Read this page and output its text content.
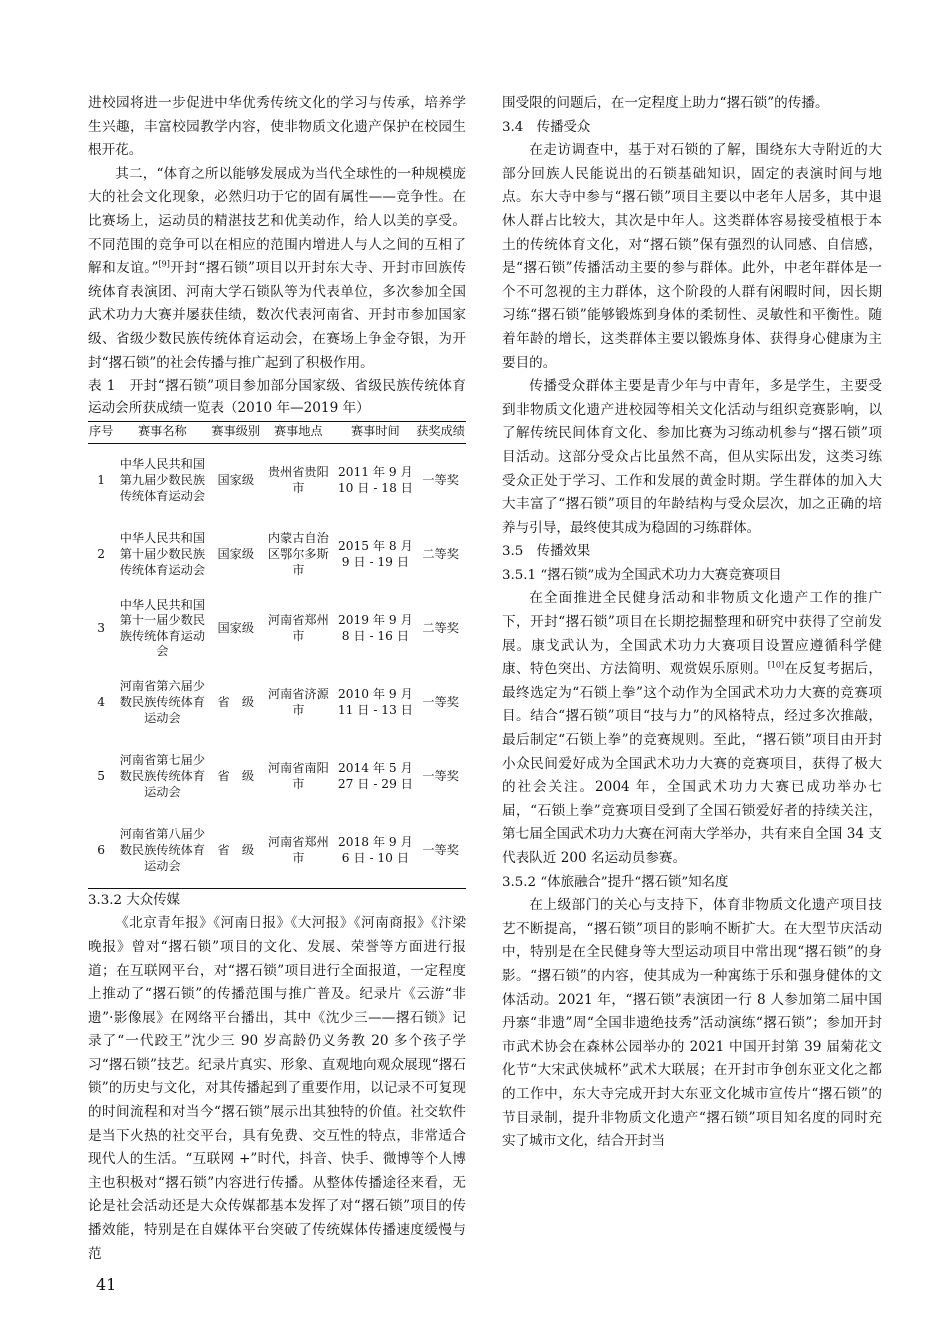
进校园将进一步促进中华优秀传统文化的学习与传承，培养学生兴趣，丰富校园教学内容，使非物质文化遗产保护在校园生根开花。

其二，“体育之所以能够发展成为当代全球性的一种规模庞大的社会文化现象，必然归功于它的固有属性——竞争性。在比赛场上，运动员的精湛技艺和优美动作，给人以美的享受。不同范围的竞争可以在相应的范围内增进人与人之间的互相了解和友谊。”[9]开封“撂石锁”项目以开封东大寺、开封市回族传统体育表演团、河南大学石锁队等为代表单位，多次参加全国武术功力大赛并屡获佳绩，数次代表河南省、开封市参加国家级、省级少数民族传统体育运动会，在赛场上争金夺银，为开封“撂石锁”的社会传播与推广起到了积极作用。

表 1　开封“撂石锁”项目参加部分国家级、省级民族传统体育运动会所获成绩一览表（2010 年—2019 年）

序号	赛事名称	赛事级别	赛事地点	赛事时间	获奖成绩
1	中华人民共和国第九届少数民族传统体育运动会	国家级	贵州省贵阳市	2011 年 9 月 10 日 - 18 日	一等奖
2	中华人民共和国第十届少数民族传统体育运动会	国家级	内蒙古自治区鄂尔多斯市	2015 年 8 月 9 日 - 19 日	二等奖
3	中华人民共和国第十一届少数民族传统体育运动会	国家级	河南省郑州市	2019 年 9 月 8 日 - 16 日	二等奖
4	河南省第六届少数民族传统体育运动会	省　级	河南省济源市	2010 年 9 月 11 日 - 13 日	一等奖
5	河南省第七届少数民族传统体育运动会	省　级	河南省南阳市	2014 年 5 月 27 日 - 29 日	一等奖
6	河南省第八届少数民族传统体育运动会	省　级	河南省郑州市	2018 年 9 月 6 日 - 10 日	一等奖

3.3.2 大众传媒

《北京青年报》《河南日报》《大河报》《河南商报》《汴梁晚报》曾对“撂石锁”项目的文化、发展、荣誉等方面进行报道；在互联网平台，对“撂石锁”项目进行全面报道，一定程度上推动了“撂石锁”的传播范围与推广普及。纪录片《云游“非遗”·影像展》在网络平台播出，其中《沈少三——撂石锁》记录了“一代跤王”沈少三 90 岁高龄仍义务教 20 多个孩子学习“撂石锁”技艺。纪录片真实、形象、直观地向观众展现“撂石锁”的历史与文化，对其传播起到了重要作用，以记录不可复现的时间流程和对当今“撂石锁”展示出其独特的价值。社交软件是当下火热的社交平台，具有免费、交互性的特点，非常适合现代人的生活。“互联网 +”时代，抖音、快手、微博等个人博主也积极对“撂石锁”内容进行传播。从整体传播途径来看，无论是社会活动还是大众传媒都基本发挥了对“撂石锁”项目的传播效能，特别是在自媒体平台突破了传统媒体传播速度缓慢与范

围受限的问题后，在一定程度上助力“撂石锁”的传播。

3.4　传播受众

在走访调查中，基于对石锁的了解，围绕东大寺附近的大部分回族人民能说出的石锁基础知识，固定的表演时间与地点。东大寺中参与“撂石锁”项目主要以中老年人居多，其中退休人群占比较大，其次是中年人。这类群体容易接受植根于本土的传统体育文化，对“撂石锁”保有强烈的认同感、自信感，是“撂石锁”传播活动主要的参与群体。此外，中老年群体是一个不可忽视的主力群体，这个阶段的人群有闲暇时间，因长期习练“撂石锁”能够锻炼到身体的柔韧性、灵敏性和平衡性。随着年龄的增长，这类群体主要以锻炼身体、获得身心健康为主要目的。

传播受众群体主要是青少年与中青年，多是学生，主要受到非物质文化遗产进校园等相关文化活动与组织竞赛影响，以了解传统民间体育文化、参加比赛为习练动机参与“撂石锁”项目活动。这部分受众占比虽然不高，但从实际出发，这类习练受众正处于学习、工作和发展的黄金时期。学生群体的加入大大丰富了“撂石锁”项目的年龄结构与受众层次，加之正确的培养与引导，最终使其成为稳固的习练群体。

3.5　传播效果

3.5.1 “撂石锁”成为全国武术功力大赛竞赛项目

在全面推进全民健身活动和非物质文化遗产工作的推广下，开封“撂石锁”项目在长期挖掘整理和研究中获得了空前发展。康戈武认为，全国武术功力大赛项目设置应遵循科学健康、特色突出、方法简明、观赏娱乐原则。[10]在反复考据后，最终选定为“石锁上拳”这个动作为全国武术功力大赛的竞赛项目。结合“撂石锁”项目“技与力”的风格特点，经过多次推敲，最后制定“石锁上拳”的竞赛规则。至此，“撂石锁”项目由开封小众民间爱好成为全国武术功力大赛的竞赛项目，获得了极大的社会关注。2004 年，全国武术功力大赛已成功举办七届，“石锁上拳”竞赛项目受到了全国石锁爱好者的持续关注，第七届全国武术功力大赛在河南大学举办，共有来自全国 34 支代表队近 200 名运动员参赛。

3.5.2 “体旅融合”提升“撂石锁”知名度

在上级部门的关心与支持下，体育非物质文化遗产项目技艺不断提高，“撂石锁”项目的影响不断扩大。在大型节庆活动中，特别是在全民健身等大型运动项目中常出现“撂石锁”的身影。“撂石锁”的内容，使其成为一种寓练于乐和强身健体的文体活动。2021 年，“撂石锁”表演团一行 8 人参加第二届中国丹寨“非遗”周“全国非遗绝技秀”活动演练“撂石锁”；参加开封市武术协会在森林公园举办的 2021 中国开封第 39 届菊花文化节“大宋武侠城杯”武术大联展；在开封市争创东亚文化之都的工作中，东大寺完成开封大东亚文化城市宣传片“撂石锁”的节目录制，提升非物质文化遗产“撂石锁”项目知名度的同时充实了城市文化，结合开封当

41
